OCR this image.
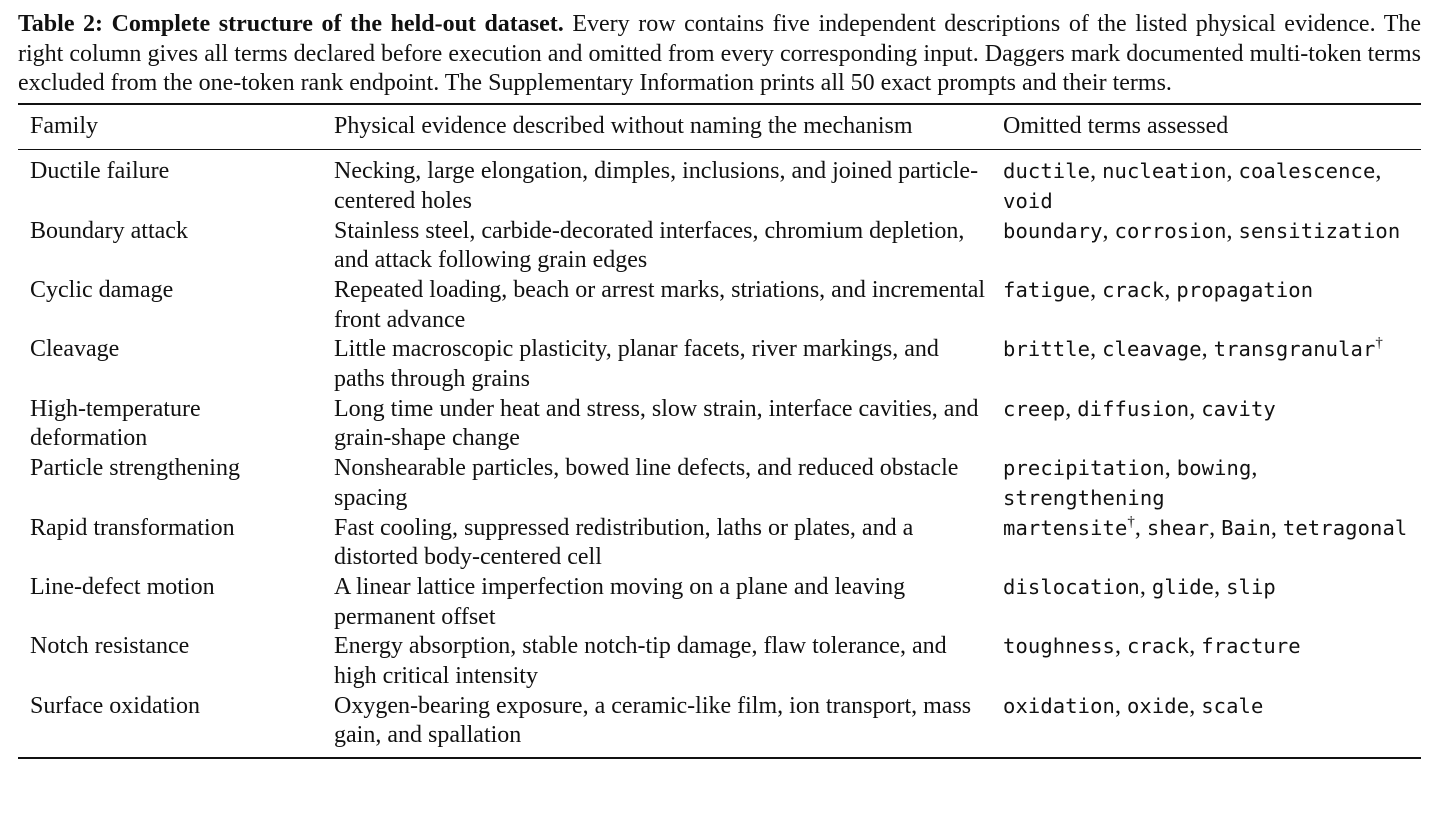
Table 2: Complete structure of the held-out dataset. Every row contains five independent descriptions of the listed physical evidence. The right column gives all terms declared before execution and omitted from every corresponding input. Daggers mark documented multi-token terms excluded from the one-token rank endpoint. The Supplementary Information prints all 50 exact prompts and their terms.

Family	Physical evidence described without naming the mechanism	Omitted terms assessed
Ductile failure	Necking, large elongation, dimples, inclusions, and joined particle-centered holes	ductile, nucleation, coalescence, void
Boundary attack	Stainless steel, carbide-decorated interfaces, chromium depletion, and attack following grain edges	boundary, corrosion, sensitization
Cyclic damage	Repeated loading, beach or arrest marks, striations, and incremental front advance	fatigue, crack, propagation
Cleavage	Little macroscopic plasticity, planar facets, river markings, and paths through grains	brittle, cleavage, transgranular†
High-temperature deformation	Long time under heat and stress, slow strain, interface cavities, and grain-shape change	creep, diffusion, cavity
Particle strengthening	Nonshearable particles, bowed line defects, and reduced obstacle spacing	precipitation, bowing, strengthening
Rapid transformation	Fast cooling, suppressed redistribution, laths or plates, and a distorted body-centered cell	martensite†, shear, Bain, tetragonal
Line-defect motion	A linear lattice imperfection moving on a plane and leaving permanent offset	dislocation, glide, slip
Notch resistance	Energy absorption, stable notch-tip damage, flaw tolerance, and high critical intensity	toughness, crack, fracture
Surface oxidation	Oxygen-bearing exposure, a ceramic-like film, ion transport, mass gain, and spallation	oxidation, oxide, scale
